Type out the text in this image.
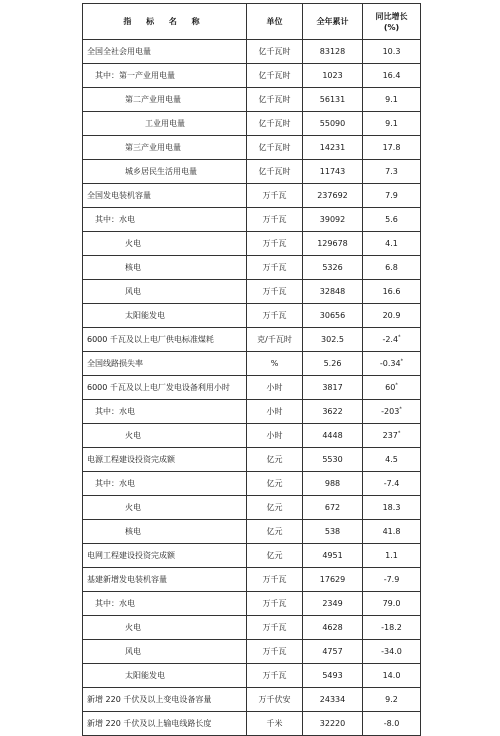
指 标 名 称	单位	全年累计	同比增长
(%)
全国全社会用电量	亿千瓦时	83128	10.3
其中：第一产业用电量	亿千瓦时	1023	16.4
第二产业用电量	亿千瓦时	56131	9.1
工业用电量	亿千瓦时	55090	9.1
第三产业用电量	亿千瓦时	14231	17.8
城乡居民生活用电量	亿千瓦时	11743	7.3
全国发电装机容量	万千瓦	237692	7.9
其中：水电	万千瓦	39092	5.6
火电	万千瓦	129678	4.1
核电	万千瓦	5326	6.8
风电	万千瓦	32848	16.6
太阳能发电	万千瓦	30656	20.9
6000 千瓦及以上电厂供电标准煤耗	克/千瓦时	302.5	-2.4*
全国线路损失率	%	5.26	-0.34*
6000 千瓦及以上电厂发电设备利用小时	小时	3817	60*
其中：水电	小时	3622	-203*
火电	小时	4448	237*
电源工程建设投资完成额	亿元	5530	4.5
其中：水电	亿元	988	-7.4
火电	亿元	672	18.3
核电	亿元	538	41.8
电网工程建设投资完成额	亿元	4951	1.1
基建新增发电装机容量	万千瓦	17629	-7.9
其中：水电	万千瓦	2349	79.0
火电	万千瓦	4628	-18.2
风电	万千瓦	4757	-34.0
太阳能发电	万千瓦	5493	14.0
新增 220 千伏及以上变电设备容量	万千伏安	24334	9.2
新增 220 千伏及以上输电线路长度	千米	32220	-8.0
